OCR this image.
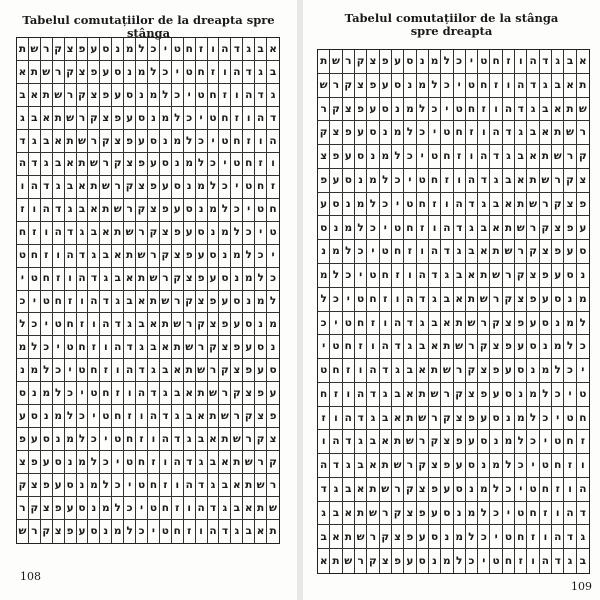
Tabelul comutațiilor de la dreapta spre stânga
ת ש ר ק צ פ ע ס נ מ ל כ י ט ח ז ו ה ד ג ב א
א ת ש ר ק צ פ ע ס נ מ ל כ י ט ח ז ו ה ד ג ב
ב א ת ש ר ק צ פ ע ס נ מ ל כ י ט ח ז ו ה ד ג
ג ב א ת ש ר ק צ פ ע ס נ מ ל כ י ט ח ז ו ה ד
ד ג ב א ת ש ר ק צ פ ע ס נ מ ל כ י ט ח ז ו ה
ה ד ג ב א ת ש ר ק צ פ ע ס נ מ ל כ י ט ח ז ו
ו ה ד ג ב א ת ש ר ק צ פ ע ס נ מ ל כ י ט ח ז
ז ו ה ד ג ב א ת ש ר ק צ פ ע ס נ מ ל כ י ט ח
ח ז ו ה ד ג ב א ת ש ר ק צ פ ע ס נ מ ל כ י ט
ט ח ז ו ה ד ג ב א ת ש ר ק צ פ ע ס נ מ ל כ י
י ט ח ז ו ה ד ג ב א ת ש ר ק צ פ ע ס נ מ ל כ
כ י ט ח ז ו ה ד ג ב א ת ש ר ק צ פ ע ס נ מ ל
ל כ י ט ח ז ו ה ד ג ב א ת ש ר ק צ פ ע ס נ מ
מ ל כ י ט ח ז ו ה ד ג ב א ת ש ר ק צ פ ע ס נ
נ מ ל כ י ט ח ז ו ה ד ג ב א ת ש ר ק צ פ ע ס
ס נ מ ל כ י ט ח ז ו ה ד ג ב א ת ש ר ק צ פ ע
ע ס נ מ ל כ י ט ח ז ו ה ד ג ב א ת ש ר ק צ פ
פ ע ס נ מ ל כ י ט ח ז ו ה ד ג ב א ת ש ר ק צ
צ פ ע ס נ מ ל כ י ט ח ז ו ה ד ג ב א ת ש ר ק
ק צ פ ע ס נ מ ל כ י ט ח ז ו ה ד ג ב א ת ש ר
ר ק צ פ ע ס נ מ ל כ י ט ח ז ו ה ד ג ב א ת ש
ש ר ק צ פ ע ס נ מ ל כ י ט ח ז ו ה ד ג ב א ת
108
Tabelul comutațiilor de la stânga
spre dreapta
ת ש ר ק צ פ ע ס נ מ ל כ י ט ח ז ו ה ד ג ב א
ש ר ק צ פ ע ס נ מ ל כ י ט ח ז ו ה ד ג ב א ת
ר ק צ פ ע ס נ מ ל כ י ט ח ז ו ה ד ג ב א ת ש
ק צ פ ע ס נ מ ל כ י ט ח ז ו ה ד ג ב א ת ש ר
צ פ ע ס נ מ ל כ י ט ח ז ו ה ד ג ב א ת ש ר ק
פ ע ס נ מ ל כ י ט ח ז ו ה ד ג ב א ת ש ר ק צ
ע ס נ מ ל כ י ט ח ז ו ה ד ג ב א ת ש ר ק צ פ
ס נ מ ל כ י ט ח ז ו ה ד ג ב א ת ש ר ק צ פ ע
נ מ ל כ י ט ח ז ו ה ד ג ב א ת ש ר ק צ פ ע ס
מ ל כ י ט ח ז ו ה ד ג ב א ת ש ר ק צ פ ע ס נ
ל כ י ט ח ז ו ה ד ג ב א ת ש ר ק צ פ ע ס נ מ
כ י ט ח ז ו ה ד ג ב א ת ש ר ק צ פ ע ס נ מ ל
י ט ח ז ו ה ד ג ב א ת ש ר ק צ פ ע ס נ מ ל כ
ט ח ז ו ה ד ג ב א ת ש ר ק צ פ ע ס נ מ ל כ י
ח ז ו ה ד ג ב א ת ש ר ק צ פ ע ס נ מ ל כ י ט
ז ו ה ד ג ב א ת ש ר ק צ פ ע ס נ מ ל כ י ט ח
ו ה ד ג ב א ת ש ר ק צ פ ע ס נ מ ל כ י ט ח ז
ה ד ג ב א ת ש ר ק צ פ ע ס נ מ ל כ י ט ח ז ו
ד ג ב א ת ש ר ק צ פ ע ס נ מ ל כ י ט ח ז ו ה
ג ב א ת ש ר ק צ פ ע ס נ מ ל כ י ט ח ז ו ה ד
ב א ת ש ר ק צ פ ע ס נ מ ל כ י ט ח ז ו ה ד ג
א ת ש ר ק צ פ ע ס נ מ ל כ י ט ח ז ו ה ד ג ב
109
